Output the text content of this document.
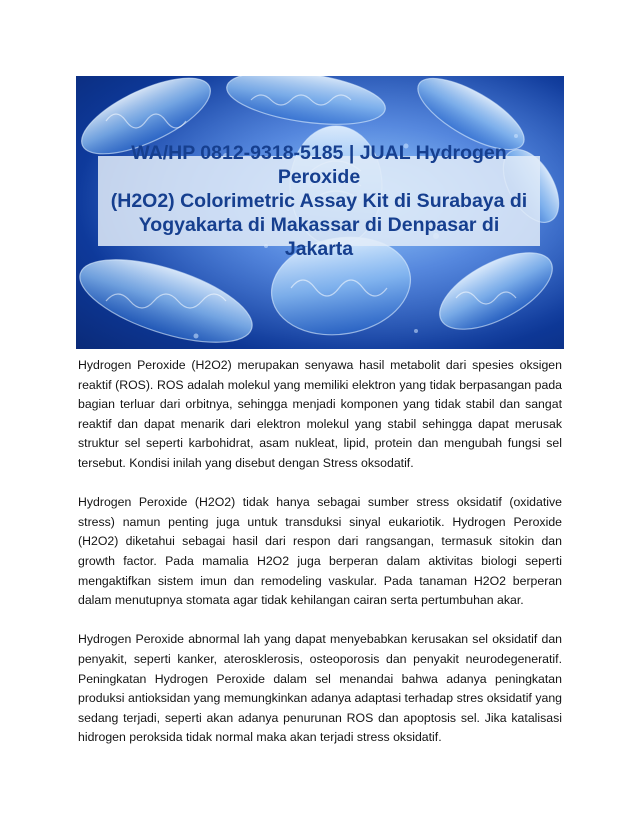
WA/HP 0812-9318-5185 | JUAL Hydrogen Peroxide
(H2O2) Colorimetric Assay Kit di Surabaya di
Yogyakarta di Makassar di Denpasar di Jakarta

Hydrogen Peroxide (H2O2) merupakan senyawa hasil metabolit dari spesies oksigen reaktif (ROS). ROS adalah molekul yang memiliki elektron yang tidak berpasangan pada bagian terluar dari orbitnya, sehingga menjadi komponen yang tidak stabil dan sangat reaktif dan dapat menarik dari elektron molekul yang stabil sehingga dapat merusak struktur sel seperti karbohidrat, asam nukleat, lipid, protein dan mengubah fungsi sel tersebut. Kondisi inilah yang disebut dengan Stress oksodatif.

Hydrogen Peroxide (H2O2) tidak hanya sebagai sumber stress oksidatif (oxidative stress) namun penting juga untuk transduksi sinyal eukariotik. Hydrogen Peroxide (H2O2) diketahui sebagai hasil dari respon dari rangsangan, termasuk sitokin dan growth factor. Pada mamalia H2O2 juga berperan dalam aktivitas biologi seperti mengaktifkan sistem imun dan remodeling vaskular. Pada tanaman H2O2 berperan dalam menutupnya stomata agar tidak kehilangan cairan serta pertumbuhan akar.

Hydrogen Peroxide abnormal lah yang dapat menyebabkan kerusakan sel oksidatif dan penyakit, seperti kanker, aterosklerosis, osteoporosis dan penyakit neurodegeneratif. Peningkatan Hydrogen Peroxide dalam sel menandai bahwa adanya peningkatan produksi antioksidan yang memungkinkan adanya adaptasi terhadap stres oksidatif yang sedang terjadi, seperti akan adanya penurunan ROS dan apoptosis sel. Jika katalisasi hidrogen peroksida tidak normal maka akan terjadi stress oksidatif.
